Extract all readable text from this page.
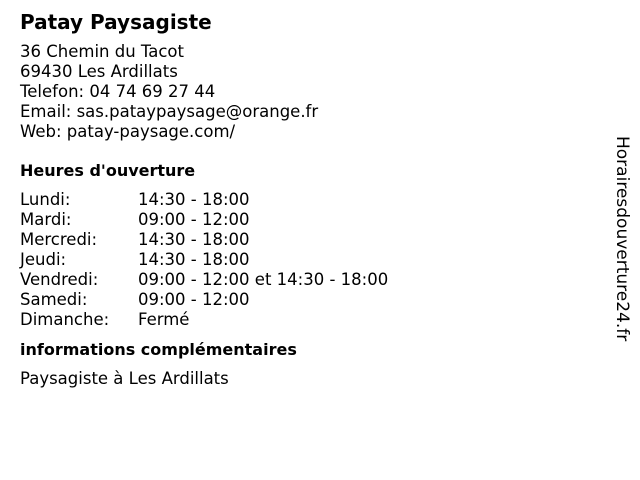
Patay Paysagiste
36 Chemin du Tacot
69430 Les Ardillats
Telefon: 04 74 69 27 44
Email: sas.pataypaysage@orange.fr
Web: patay-paysage.com/
Heures d'ouverture
Lundi:	14:30 - 18:00
Mardi:	09:00 - 12:00
Mercredi:	14:30 - 18:00
Jeudi:	14:30 - 18:00
Vendredi:	09:00 - 12:00 et 14:30 - 18:00
Samedi:	09:00 - 12:00
Dimanche:	Fermé
informations complémentaires
Paysagiste à Les Ardillats
Horairesdouverture24.fr
